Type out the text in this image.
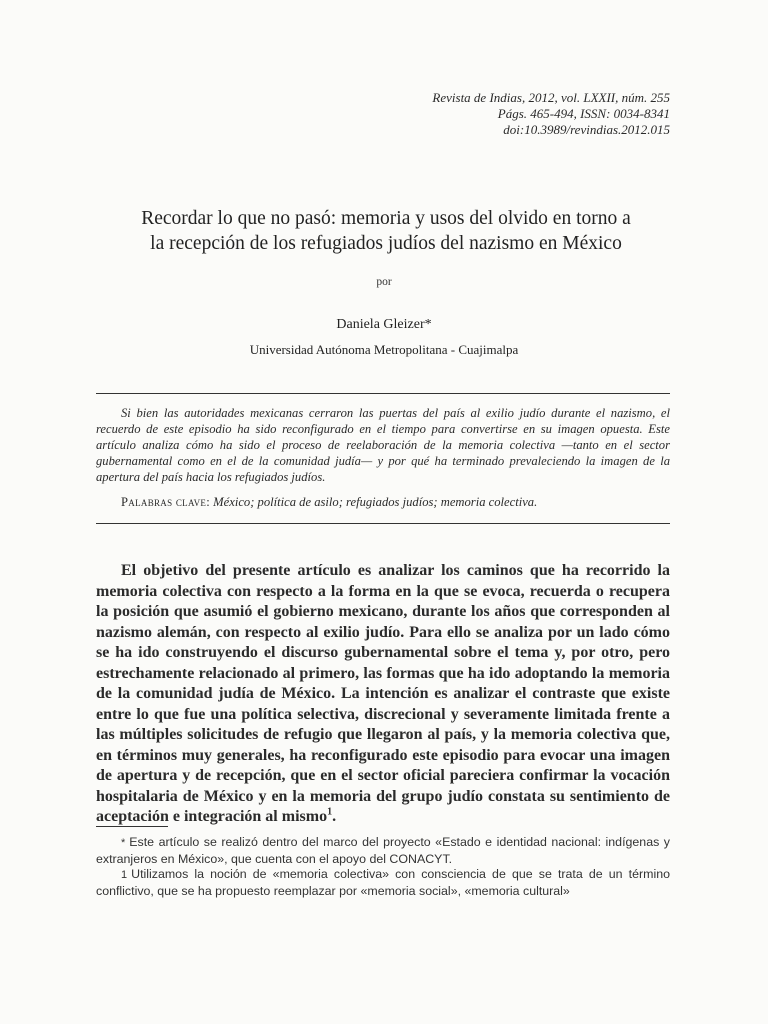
Revista de Indias, 2012, vol. LXXII, núm. 255
Págs. 465-494, ISSN: 0034-8341
doi:10.3989/revindias.2012.015
Recordar lo que no pasó: memoria y usos del olvido en torno a
la recepción de los refugiados judíos del nazismo en México
por
Daniela Gleizer*
Universidad Autónoma Metropolitana - Cuajimalpa

Si bien las autoridades mexicanas cerraron las puertas del país al exilio judío durante el nazismo, el recuerdo de este episodio ha sido reconfigurado en el tiempo para convertirse en su imagen opuesta. Este artículo analiza cómo ha sido el proceso de reelaboración de la memoria colectiva —tanto en el sector gubernamental como en el de la comunidad judía— y por qué ha terminado prevaleciendo la imagen de la apertura del país hacia los refugiados judíos.

Palabras clave: México; política de asilo; refugiados judíos; memoria colectiva.

El objetivo del presente artículo es analizar los caminos que ha recorrido la memoria colectiva con respecto a la forma en la que se evoca, recuerda o recupera la posición que asumió el gobierno mexicano, durante los años que corresponden al nazismo alemán, con respecto al exilio judío. Para ello se analiza por un lado cómo se ha ido construyendo el discurso gubernamental sobre el tema y, por otro, pero estrechamente relacionado al primero, las formas que ha ido adoptando la memoria de la comunidad judía de México. La intención es analizar el contraste que existe entre lo que fue una política selectiva, discrecional y severamente limitada frente a las múltiples solicitudes de refugio que llegaron al país, y la memoria colectiva que, en términos muy generales, ha reconfigurado este episodio para evocar una imagen de apertura y de recepción, que en el sector oficial pareciera confirmar la vocación hospitalaria de México y en la memoria del grupo judío constata su sentimiento de aceptación e integración al mismo$^1$.

* Este artículo se realizó dentro del marco del proyecto «Estado e identidad nacional: indígenas y extranjeros en México», que cuenta con el apoyo del CONACYT.

1 Utilizamos la noción de «memoria colectiva» con consciencia de que se trata de un término conflictivo, que se ha propuesto reemplazar por «memoria social», «memoria cultural»
